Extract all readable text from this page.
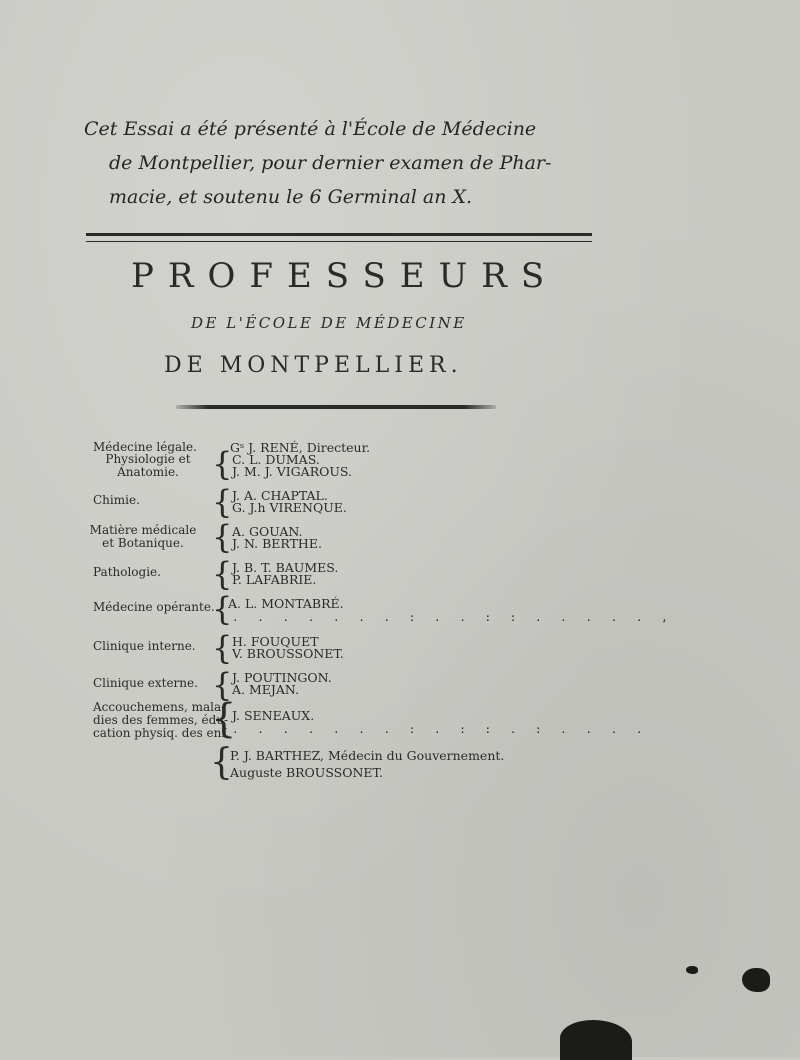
Cet Essai a été présenté à l'École de Médecine
de Montpellier, pour dernier examen de Phar-
macie, et soutenu le 6 Germinal an X.
PROFESSEURS
DE L'ÉCOLE DE MÉDECINE
DE MONTPELLIER.
Médecine légale.	Gˢ J. RENÉ, Directeur.
Physiologie et
Anatomie.	{ C. L. DUMAS.
J. M. J. VIGAROUS.
Chimie. { J. A. CHAPTAL.
G. J.h VIRENQUE.
Matière médicale
et Botanique. { A. GOUAN.
J. N. BERTHE.
Pathologie. { J. B. T. BAUMES.
P. LAFABRIE.
Médecine opérante.
{
A. L. MONTABRÉ.
. . . . . . . : . . : : . . . . . ,
Clinique interne. { H. FOUQUET
V. BROUSSONET.
Clinique externe. { J. POUTINGON.
A. MEJAN.
Accouchemens, mala-
dies des femmes, édu-
cation physiq. des enf.
{
J. SENEAUX.
. . . . . . . : . : : . : . . . .
{
P. J. BARTHEZ, Médecin du Gouvernement.
Auguste BROUSSONET.
